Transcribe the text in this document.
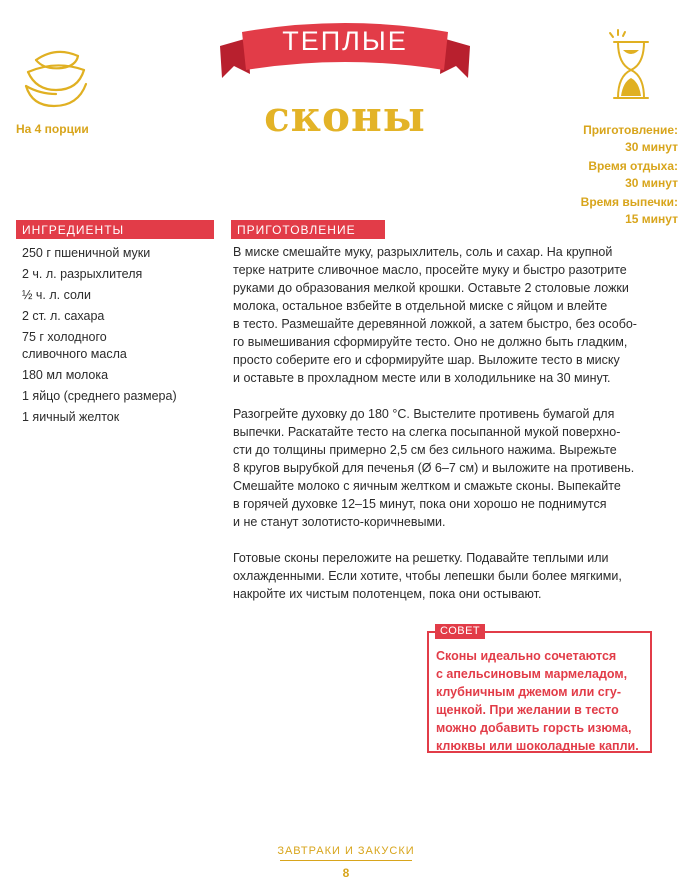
На 4 порции
ТЕПЛЫЕ
сконы	Приготовление:
30 минут
Время отдыха:
30 минут
Время выпечки:
15 минут
ИНГРЕДИЕНТЫ
250 г пшеничной муки
2 ч. л. разрыхлителя
½ ч. л. соли
2 ст. л. сахара
75 г холодного
сливочного масла
180 мл молока
1 яйцо (среднего размера)
1 яичный желток
ПРИГОТОВЛЕНИЕ

В миске смешайте муку, разрыхлитель, соль и сахар. На крупной
терке натрите сливочное масло, просейте муку и быстро разотрите
руками до образования мелкой крошки. Оставьте 2 столовые ложки
молока, остальное взбейте в отдельной миске с яйцом и влейте
в тесто. Размешайте деревянной ложкой, а затем быстро, без особо-
го вымешивания сформируйте тесто. Оно не должно быть гладким,
просто соберите его и сформируйте шар. Выложите тесто в миску
и оставьте в прохладном месте или в холодильнике на 30 минут.

Разогрейте духовку до 180 °С. Выстелите противень бумагой для
выпечки. Раскатайте тесто на слегка посыпанной мукой поверхно-
сти до толщины примерно 2,5 см без сильного нажима. Вырежьте
8 кругов вырубкой для печенья (Ø 6–7 см) и выложите на противень.
Смешайте молоко с яичным желтком и смажьте сконы. Выпекайте
в горячей духовке 12–15 минут, пока они хорошо не поднимутся
и не станут золотисто-коричневыми.

Готовые сконы переложите на решетку. Подавайте теплыми или
охлажденными. Если хотите, чтобы лепешки были более мягкими,
накройте их чистым полотенцем, пока они остывают.

СОВЕТ
Сконы идеально сочетаются
с апельсиновым мармеладом,
клубничным джемом или сгу-
щенкой. При желании в тесто
можно добавить горсть изюма,
клюквы или шоколадные капли.
ЗАВТРАКИ И ЗАКУСКИ
8
